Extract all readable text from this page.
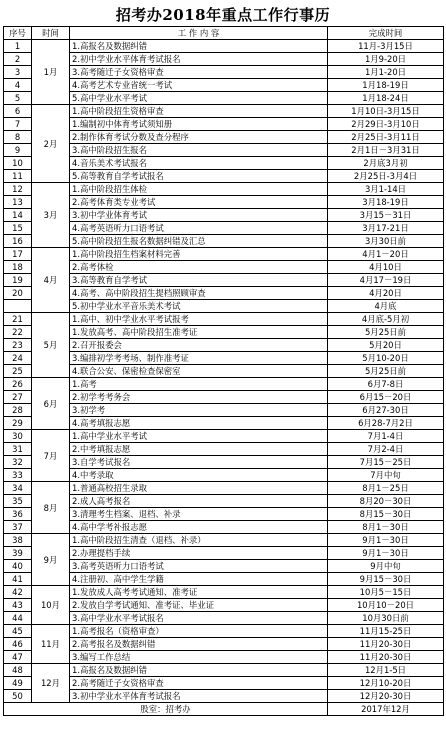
招考办2018年重点工作行事历
序号	时间	工 作 内 容	完成时间
1	1月	1.高报名及数据纠错	11月-3月15日
2		2.初中学业水平体育考试报名	1月9-20日
3		3.高考随迁子女资格审查	1月1-20日
4		4.高考艺术专业省统一考试	1月18-19日
5		5.高中学业水平考试	1月18-24日
6	2月	1.高中阶段招生资格审查	1月10日-3月15日
7		1.编制初中体育考试须知册	2月29日-3月10日
8		2.制作体育考试分数及查分程序	2月25日-3月11日
9		3.高中阶段招生报名	2月1日－3月31日
10		4.音乐美术考试报名	2月底3月初
11		5.高等教育自学考试报名	2月25日-3月4日
12	3月	1.高中阶段招生体检	3月1-14日
13		2.高考体育类专业考试	3月18-19日
14		3.初中学业体育考试	3月15－31日
15		4.高考英语听力口语考试	3月17-21日
16		5.高中阶段招生报名数据纠错及汇总	3月30日前
17	4月	1.高中阶段招生档案材料完善	4月1－20日
18		2.高考体检	4月10日
19		3.高等教育自学考试	4月17－19日
20		4.高考、高中阶段招生提档照顾审查	4月20日
		5.初中学业水平音乐美术考试	4月底
21	5月	1.高中、初中学业水平考试报考	4月底-5月初
22		1.发放高考、高中阶段招生准考证	5月25日前
23		2.召开报委会	5月20日
24		3.编排初学考考场、制作准考证	5月10-20日
25		4.联合公安、保密检查保密室	5月25日前
26	6月	1.高考	6月7-8日
27		2.初学考考务会	6月15－20日
28		3.初学考	6月27-30日
29		4.高考填报志愿	6月28-7月2日
30	7月	1.高中学业水平考试	7月1-4日
31		2.中考填报志愿	7月2-4日
32		3.自学考试报名	7月15－25日
33		4.中考录取	7月中旬
34	8月	1.普通高校招生录取	8月1－25日
35		2.成人高考报名	8月20－30日
36		3.清理考生档案、退档、补录	8月15－30日
37		4.高中学考补报志愿	8月1－30日
38	9月	1.高中阶段招生清查（退档、补录）	9月1－30日
39		2.办理提档手续	9月1－30日
40		3.高考英语听力口语考试	9月中旬
41		4.注册初、高中学生学籍	9月15－30日
42	10月	1.发放成人高考考试通知、准考证	10月5－15日
43		2.发放自学考试通知、准考证、毕业证	10月10－20日
44		3.高中学业水平考试报名	10月30日前
45	11月	1.高考报名（资格审查）	11月15-25日
46		2.高考报名及数据纠错	11月20-30日
47		3.编写工作总结	11月20-30日
48	12月	1.高报名及数据纠错	12月1-5日
49		2.高考随迁子女资格审查	12月10-20日
50		3.初中学业水平体育考试报名	12月20-30日
股室：招考办			2017年12月
